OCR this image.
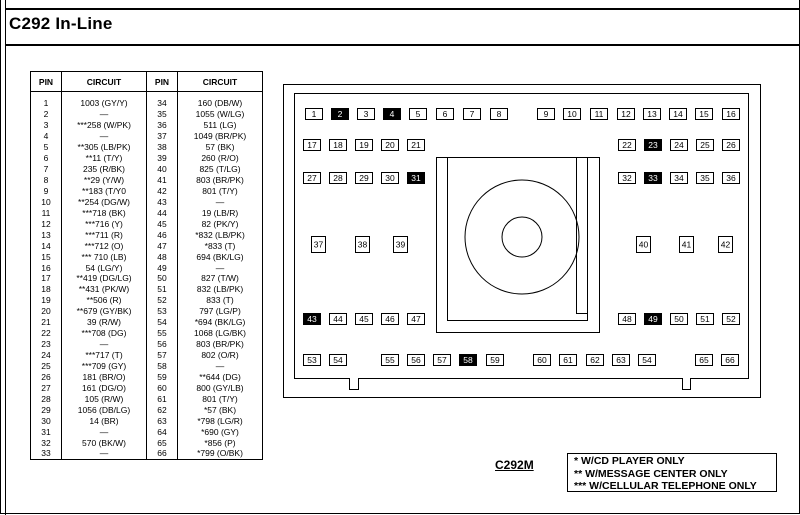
C292 In-Line
PIN	CIRCUIT	PIN	CIRCUIT
1	1003 (GY/Y)	34	160 (DB/W)
2	—	35	1055 (W/LG)
3	***258 (W/PK)	36	511 (LG)
4	—	37	1049 (BR/PK)
5	**305 (LB/PK)	38	57 (BK)
6	**11 (T/Y)	39	260 (R/O)
7	235 (R/BK)	40	825 (T/LG)
8	**29 (Y/W)	41	803 (BR/PK)
9	**183 (T/Y0	42	801 (T/Y)
10	**254 (DG/W)	43	—
11	***718 (BK)	44	19 (LB/R)
12	***716 (Y)	45	82 (PK/Y)
13	***711 (R)	46	*832 (LB/PK)
14	***712 (O)	47	*833 (T)
15	*** 710 (LB)	48	694 (BK/LG)
16	54 (LG/Y)	49	—
17	**419 (DG/LG)	50	827 (T/W)
18	**431 (PK/W)	51	832 (LB/PK)
19	**506 (R)	52	833 (T)
20	**679 (GY/BK)	53	797 (LG/P)
21	39 (R/W)	54	*694 (BK/LG)
22	***708 (DG)	55	1068 (LG/BK)
23	—	56	803 (BR/PK)
24	***717 (T)	57	802 (O/R)
25	***709 (GY)	58	—
26	181 (BR/O)	59	**644 (DG)
27	161 (DG/O)	60	800 (GY/LB)
28	105 (R/W)	61	801 (T/Y)
29	1056 (DB/LG)	62	*57 (BK)
30	14 (BR)	63	*798 (LG/R)
31	—	64	*690 (GY)
32	570 (BK/W)	65	*856 (P)
33	—	66	*799 (O/BK)
1	2	3	4	5	6	7	8	9 10 11 12 13 14 15 16
17 18 19 20 21	22 23 24 25 26
27 28 29 30 31	32 33 34 35 36
37	38	39	40	41	42
43 44 45 46 47	48 49 50 51 52
53 54	55 56 57 58 59	60 61 62 63 54	65 66
C292M	* W/CD PLAYER ONLY
** W/MESSAGE CENTER ONLY
*** W/CELLULAR TELEPHONE ONLY
